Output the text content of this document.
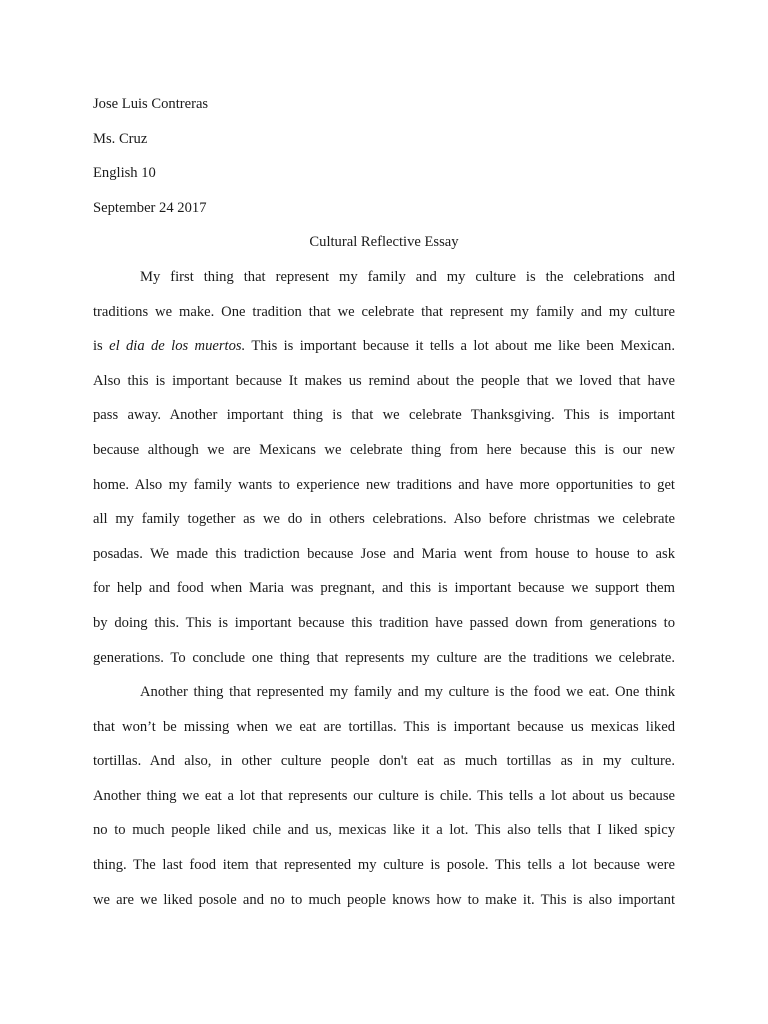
Jose Luis Contreras
Ms. Cruz
English 10
September 24 2017
Cultural Reflective Essay
My first thing that represent my family and my culture is the celebrations and
traditions we make. One tradition that we celebrate that represent my family and my culture
is el dia de los muertos. This is important because it tells a lot about me like been Mexican.
Also this is important because It makes us remind about the people that we loved that have
pass away. Another important thing is that we celebrate Thanksgiving. This is important
because although we are Mexicans we celebrate thing from here because this is our new
home. Also my family wants to experience new traditions and have more opportunities to get
all my family together as we do in others celebrations. Also before christmas we celebrate
posadas. We made this tradiction because Jose and Maria went from house to house to ask
for help and food when Maria was pregnant, and this is important because we support them
by doing this. This is important because this tradition have passed down from generations to
generations. To conclude one thing that represents my culture are the traditions we celebrate.
Another thing that represented my family and my culture is the food we eat. One think
that won’t be missing when we eat are tortillas. This is important because us mexicas liked
tortillas. And also, in other culture people don't eat as much tortillas as in my culture.
Another thing we eat a lot that represents our culture is chile. This tells a lot about us because
no to much people liked chile and us, mexicas like it a lot. This also tells that I liked spicy
thing. The last food item that represented my culture is posole. This tells a lot because were
we are we liked posole and no to much people knows how to make it. This is also important
